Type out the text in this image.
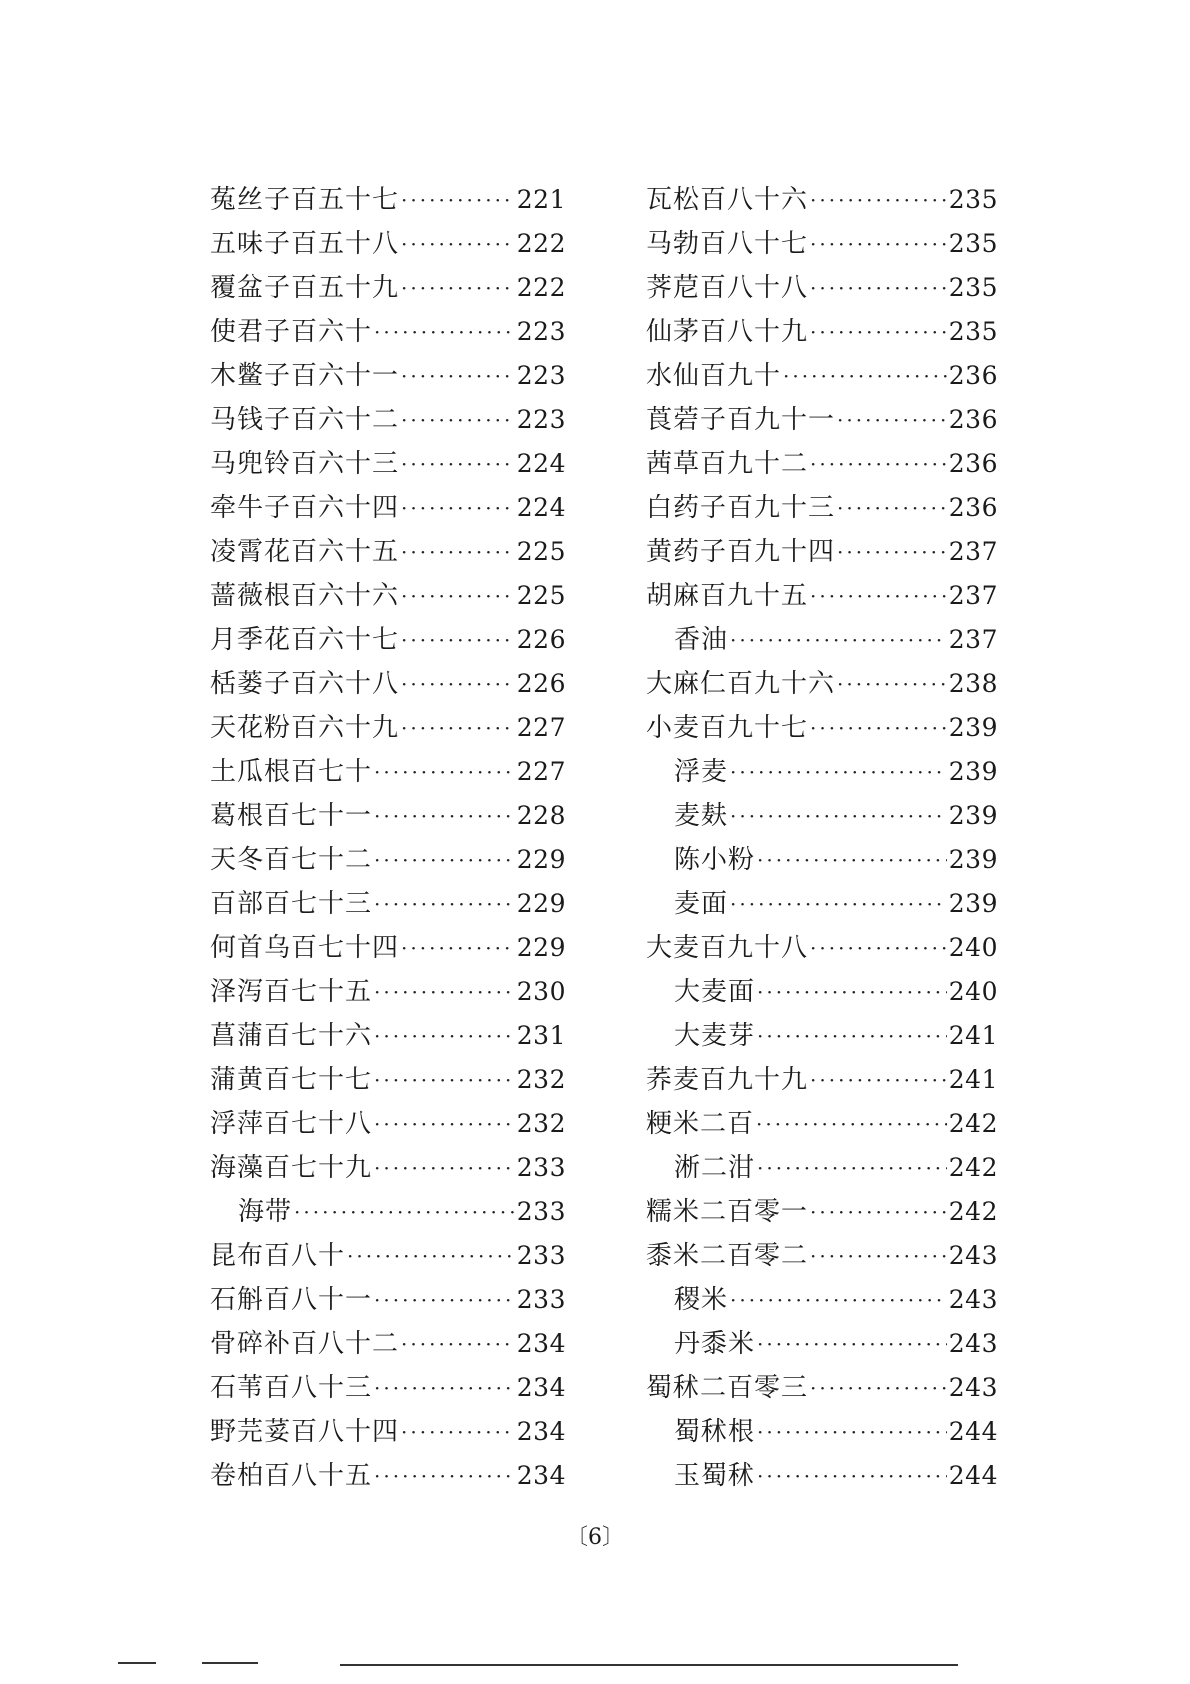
菟丝子百五十七 ·····	221
五味子百五十八 ·····	222
覆盆子百五十九 ·····	222
使君子百六十 ·····	223
木鳖子百六十一 ·····	223
马钱子百六十二 ·····	223
马兜铃百六十三 ·····	224
牵牛子百六十四 ·····	224
凌霄花百六十五 ·····	225
蔷薇根百六十六 ·····	225
月季花百六十七 ·····	226
栝蒌子百六十八 ·····	226
天花粉百六十九 ·····	227
土瓜根百七十 ·····	227
葛根百七十一 ·····	228
天冬百七十二 ·····	229
百部百七十三 ·····	229
何首乌百七十四 ·····	229
泽泻百七十五 ·····	230
菖蒲百七十六 ·····	231
蒲黄百七十七 ·····	232
浮萍百七十八 ·····	232
海藻百七十九 ·····	233
海带 ·····	233
昆布百八十 ·····	233
石斛百八十一 ·····	233
骨碎补百八十二 ·····	234
石苇百八十三 ·····	234
野芫荽百八十四 ·····	234
卷柏百八十五 ·····	234
瓦松百八十六 ·····	235
马勃百八十七 ·····	235
荠苨百八十八 ·····	235
仙茅百八十九 ·····	235
水仙百九十 ·····	236
莨菪子百九十一 ·····	236
茜草百九十二 ·····	236
白药子百九十三 ·····	236
黄药子百九十四 ·····	237
胡麻百九十五 ·····	237
香油 ·····	237
大麻仁百九十六 ·····	238
小麦百九十七 ·····	239
浮麦 ·····	239
麦麸 ·····	239
陈小粉 ·····	239
麦面 ·····	239
大麦百九十八 ·····	240
大麦面 ·····	240
大麦芽 ·····	241
荞麦百九十九 ·····	241
粳米二百 ·····	242
淅二泔 ·····	242
糯米二百零一 ·····	242
黍米二百零二 ·····	243
稷米 ·····	243
丹黍米 ·····	243
蜀秫二百零三 ·····	243
蜀秫根 ·····	244
玉蜀秫 ·····	244
〔6〕
